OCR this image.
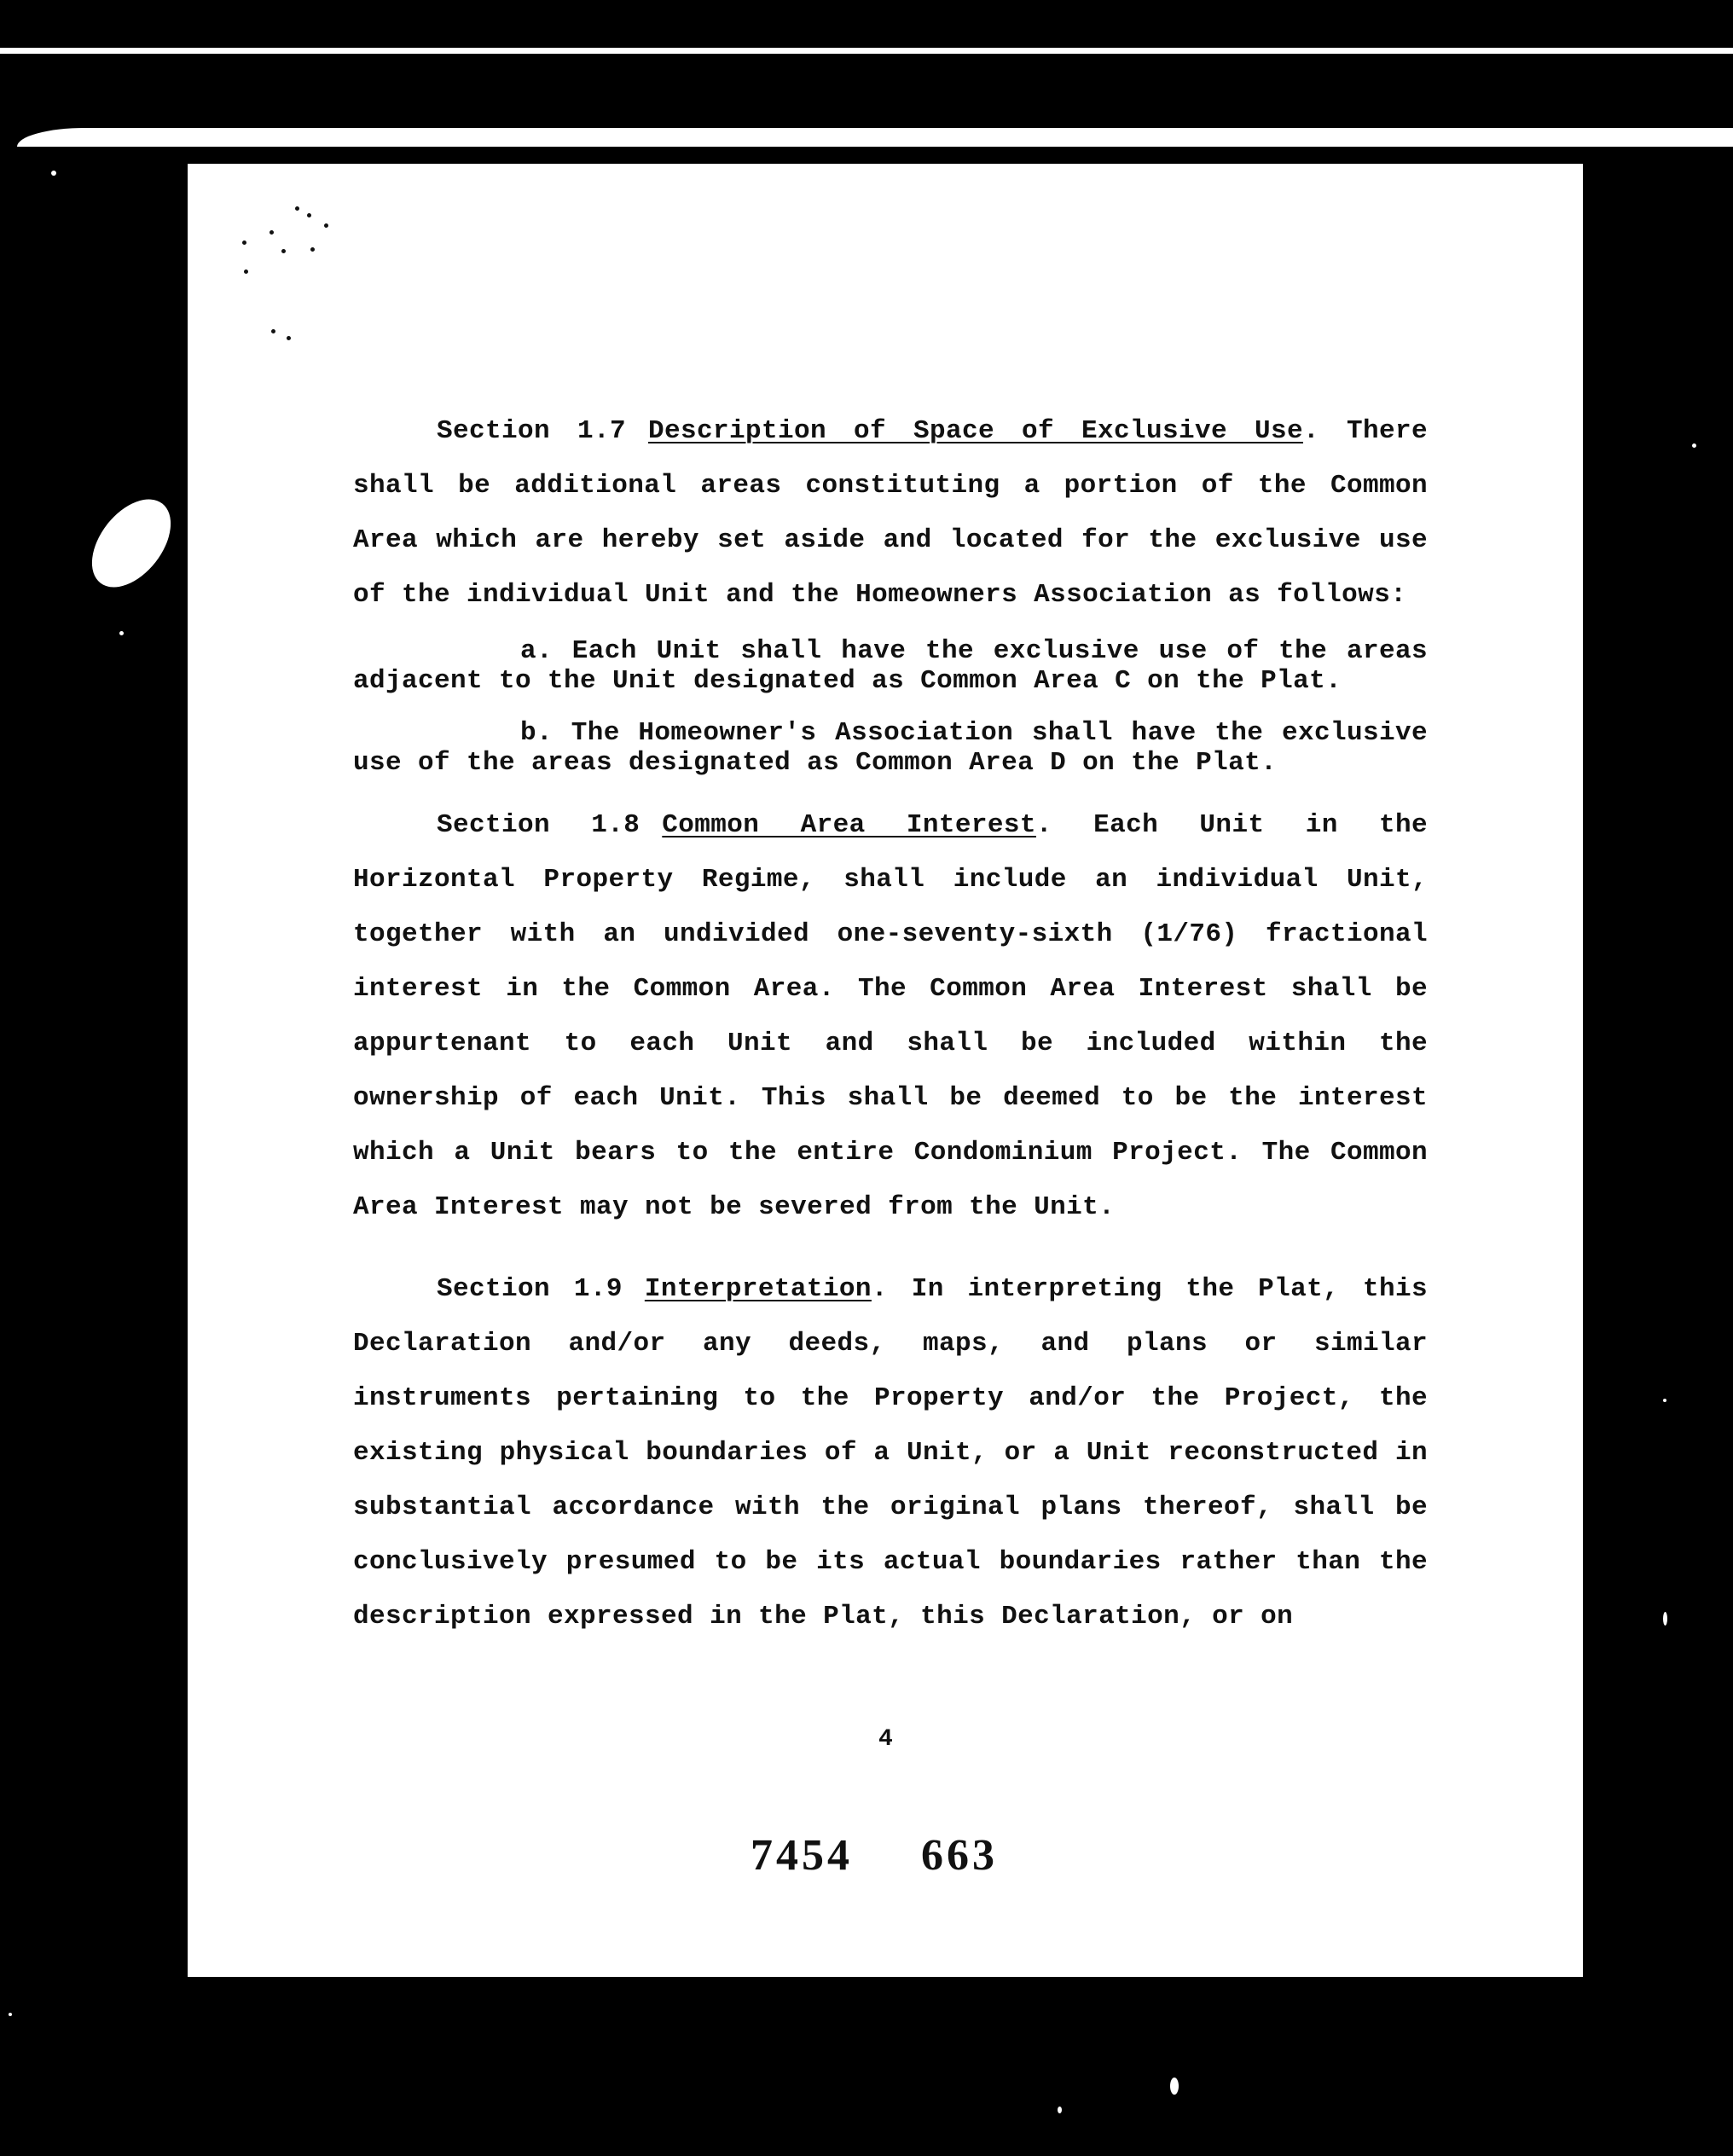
Section 1.7 Description of Space of Exclusive Use. There shall be additional areas constituting a portion of the Common Area which are hereby set aside and located for the exclusive use of the individual Unit and the Homeowners Association as follows:

a. Each Unit shall have the exclusive use of the areas adjacent to the Unit designated as Common Area C on the Plat.

b. The Homeowner's Association shall have the exclusive use of the areas designated as Common Area D on the Plat.

Section 1.8 Common Area Interest. Each Unit in the Horizontal Property Regime, shall include an individual Unit, together with an undivided one-seventy-sixth (1/76) fractional interest in the Common Area. The Common Area Interest shall be appurtenant to each Unit and shall be included within the ownership of each Unit. This shall be deemed to be the interest which a Unit bears to the entire Condominium Project. The Common Area Interest may not be severed from the Unit.

Section 1.9 Interpretation. In interpreting the Plat, this Declaration and/or any deeds, maps, and plans or similar instruments pertaining to the Property and/or the Project, the existing physical boundaries of a Unit, or a Unit reconstructed in substantial accordance with the original plans thereof, shall be conclusively presumed to be its actual boundaries rather than the description expressed in the Plat, this Declaration, or on

4
7454 663
